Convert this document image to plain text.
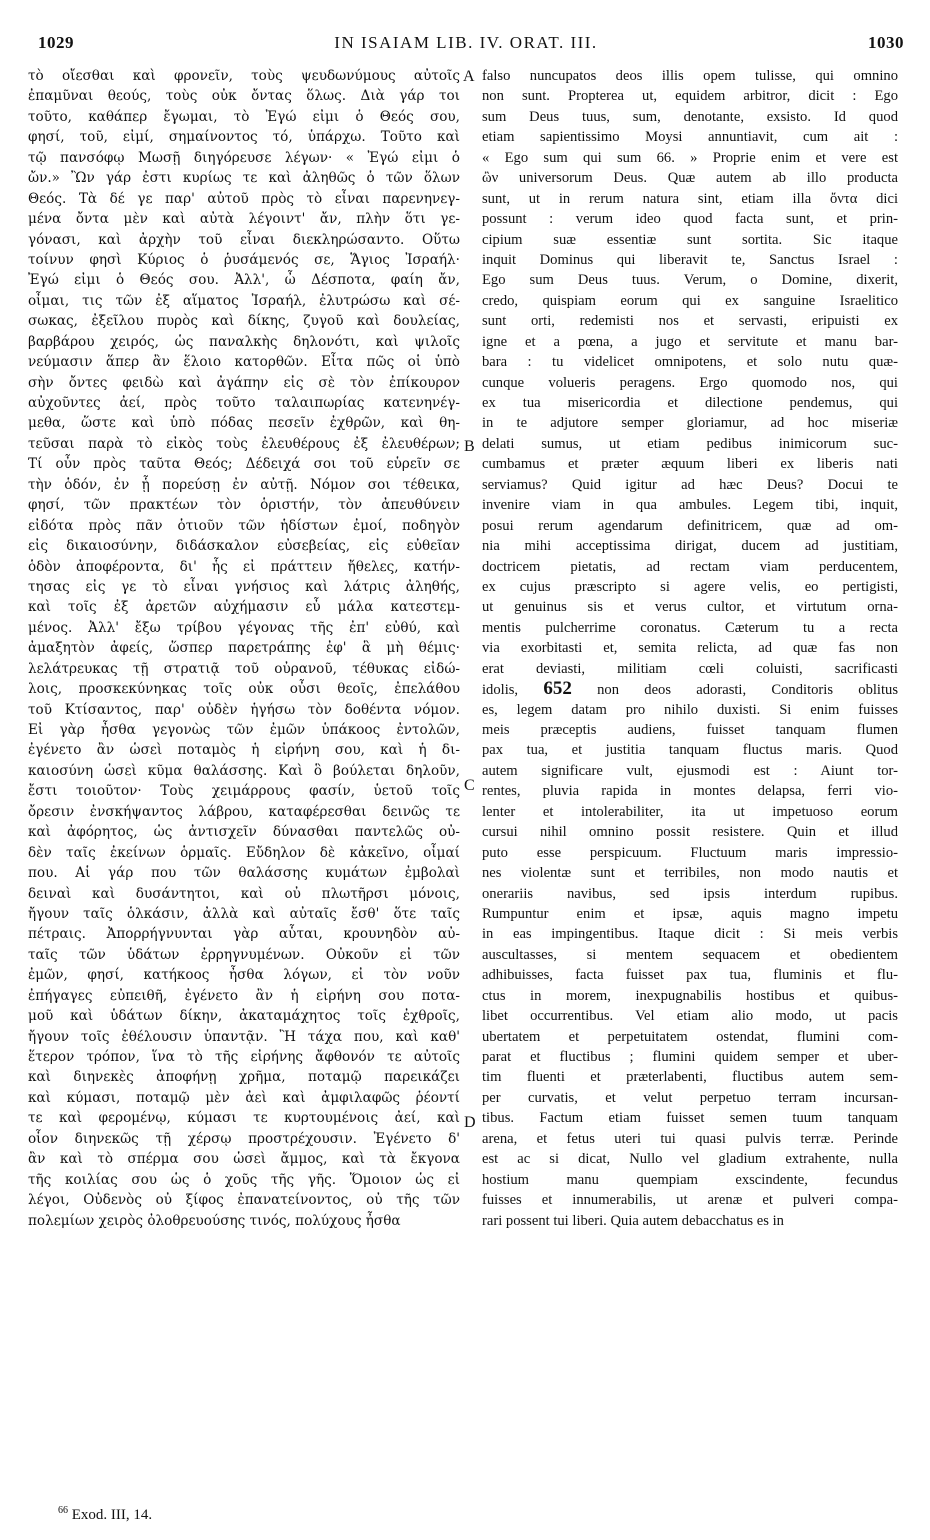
1029	IN ISAIAM LIB. IV. ORAT. III.	1030
τὸ οἴεσθαι καὶ φρονεῖν, τοὺς ψευδωνύμους αὐτοῖς
ἐπαμῦναι θεούς, τοὺς οὐκ ὄντας ὅλως. Διὰ γάρ τοι
τοῦτο, καθάπερ ἔγωμαι, τὸ Ἐγώ εἰμι ὁ Θεός σου,
φησί, τοῦ, εἰμί, σημαίνοντος τό, ὑπάρχω. Τοῦτο καὶ
τῷ πανσόφῳ Μωσῇ διηγόρευσε λέγων· « Ἐγώ εἰμι ὁ
ὤν.» Ὢν γάρ ἐστι κυρίως τε καὶ ἀληθῶς ὁ τῶν ὅλων
Θεός. Τὰ δέ γε παρ' αὐτοῦ πρὸς τὸ εἶναι παρενηνεγ-
μένα ὄντα μὲν καὶ αὐτὰ λέγοιντ' ἄν, πλὴν ὅτι γε-
γόνασι, καὶ ἀρχὴν τοῦ εἶναι διεκληρώσαντο. Οὕτω
τοίνυν φησὶ Κύριος ὁ ῥυσάμενός σε, Ἅγιος Ἰσραήλ·
Ἐγώ εἰμι ὁ Θεός σου. Ἀλλ', ὦ Δέσποτα, φαίη ἄν,
οἶμαι, τις τῶν ἐξ αἵματος Ἰσραήλ, ἐλυτρώσω καὶ σέ-
σωκας, ἐξεῖλου πυρὸς καὶ δίκης, ζυγοῦ καὶ δουλείας,
βαρβάρου χειρός, ὡς παναλκὴς δηλονότι, καὶ ψιλοῖς
νεύμασιν ἅπερ ἂν ἕλοιο κατορθῶν. Εἶτα πῶς οἱ ὑπὸ
σὴν ὄντες φειδὼ καὶ ἀγάπην εἰς σὲ τὸν ἐπίκουρον
αὐχοῦντες ἀεί, πρὸς τοῦτο ταλαιπωρίας κατενηνέγ-
μεθα, ὥστε καὶ ὑπὸ πόδας πεσεῖν ἐχθρῶν, καὶ θη-
τεῦσαι παρὰ τὸ εἰκὸς τοὺς ἐλευθέρους ἐξ ἐλευθέρων;
Τί οὖν πρὸς ταῦτα Θεός; Δέδειχά σοι τοῦ εὑρεῖν σε
τὴν ὁδόν, ἐν ᾗ πορεύσῃ ἐν αὐτῇ. Νόμον σοι τέθεικα,
φησί, τῶν πρακτέων τὸν ὁριστήν, τὸν ἀπευθύνειν
εἰδότα πρὸς πᾶν ὁτιοῦν τῶν ἡδίστων ἐμοί, ποδηγὸν
εἰς δικαιοσύνην, διδάσκαλον εὐσεβείας, εἰς εὐθεῖαν
ὁδὸν ἀποφέροντα, δι' ἧς εἰ πράττειν ἤθελες, κατήν-
τησας εἰς γε τὸ εἶναι γνήσιος καὶ λάτρις ἀληθής,
καὶ τοῖς ἐξ ἀρετῶν αὐχήμασιν εὖ μάλα κατεστεμ-
μένος. Ἀλλ' ἔξω τρίβου γέγονας τῆς ἐπ' εὐθύ, καὶ
ἀμαξητὸν ἀφείς, ὥσπερ παρετράπης ἐφ' ἃ μὴ θέμις·
λελάτρευκας τῇ στρατιᾷ τοῦ οὐρανοῦ, τέθυκας εἰδώ-
λοις, προσκεκύνηκας τοῖς οὐκ οὖσι θεοῖς, ἐπελάθου
τοῦ Κτίσαντος, παρ' οὐδὲν ἡγήσω τὸν δοθέντα νόμον.
Εἰ γὰρ ἦσθα γεγονὼς τῶν ἐμῶν ὑπάκοος ἐντολῶν,
ἐγένετο ἂν ὡσεὶ ποταμὸς ἡ εἰρήνη σου, καὶ ἡ δι-
καιοσύνη ὡσεὶ κῦμα θαλάσσης. Καὶ ὃ βούλεται δηλοῦν,
ἔστι τοιοῦτον· Τοὺς χειμάρρους φασίν, ὑετοῦ τοῖς
ὄρεσιν ἐνσκήψαντος λάβρου, καταφέρεσθαι δεινῶς τε
καὶ ἀφόρητος, ὡς ἀντισχεῖν δύνασθαι παντελῶς οὐ-
δὲν ταῖς ἐκείνων ὁρμαῖς. Εὔδηλον δὲ κἀκεῖνο, οἶμαί
που. Αἱ γάρ που τῶν θαλάσσης κυμάτων ἐμβολαὶ
δειναὶ καὶ δυσάντητοι, καὶ οὐ πλωτῆρσι μόνοις,
ἤγουν ταῖς ὁλκάσιν, ἀλλὰ καὶ αὐταῖς ἔσθ' ὅτε ταῖς
πέτραις. Ἀπορρήγνυνται γὰρ αὗται, κρουνηδὸν αὐ-
ταῖς τῶν ὑδάτων ἐρρηγνυμένων. Οὐκοῦν εἰ τῶν
ἐμῶν, φησί, κατήκοος ἦσθα λόγων, εἰ τὸν νοῦν
ἐπήγαγες εὐπειθῆ, ἐγένετο ἂν ἡ εἰρήνη σου ποτα-
μοῦ καὶ ὑδάτων δίκην, ἀκαταμάχητος τοῖς ἐχθροῖς,
ἤγουν τοῖς ἐθέλουσιν ὑπαντᾷν. Ἢ τάχα που, καὶ καθ'
ἕτερον τρόπον, ἵνα τὸ τῆς εἰρήνης ἄφθονόν τε αὐτοῖς
καὶ διηνεκὲς ἀποφήνῃ χρῆμα, ποταμῷ παρεικάζει
καὶ κύμασι, ποταμῷ μὲν ἀεὶ καὶ ἀμφιλαφῶς ῥέοντί
τε καὶ φερομένῳ, κύμασι τε κυρτουμένοις ἀεί, καὶ
οἷον διηνεκῶς τῇ χέρσῳ προστρέχουσιν. Ἐγένετο δ'
ἂν καὶ τὸ σπέρμα σου ὡσεὶ ἄμμος, καὶ τὰ ἔκγονα
τῆς κοιλίας σου ὡς ὁ χοῦς τῆς γῆς. Ὅμοιον ὡς εἰ
λέγοι, Οὐδενὸς οὐ ξίφος ἐπανατείνοντος, οὐ τῆς τῶν
πολεμίων χειρὸς ὀλοθρευούσης τινός, πολύχους ἦσθα
falso nuncupatos deos illis opem tulisse, qui omnino
non sunt. Propterea ut, equidem arbitror, dicit : Ego
sum Deus tuus, sum, denotante, exsisto. Id quod
etiam sapientissimo Moysi annuntiavit, cum ait :
« Ego sum qui sum 66. » Proprie enim et vere est
ὢν universorum Deus. Quæ autem ab illo producta
sunt, ut in rerum natura sint, etiam illa ὄντα dici
possunt : verum ideo quod facta sunt, et prin-
cipium suæ essentiæ sunt sortita. Sic itaque
inquit Dominus qui liberavit te, Sanctus Israel :
Ego sum Deus tuus. Verum, o Domine, dixerit,
credo, quispiam eorum qui ex sanguine Israelitico
sunt orti, redemisti nos et servasti, eripuisti ex
igne et a pœna, a jugo et servitute et manu bar-
bara : tu videlicet omnipotens, et solo nutu quæ-
cunque volueris peragens. Ergo quomodo nos, qui
ex tua misericordia et dilectione pendemus, qui
in te adjutore semper gloriamur, ad hoc miseriæ
delati sumus, ut etiam pedibus inimicorum suc-
cumbamus et præter æquum liberi ex liberis nati
serviamus? Quid igitur ad hæc Deus? Docui te
invenire viam in qua ambules. Legem tibi, inquit,
posui rerum agendarum definitricem, quæ ad om-
nia mihi acceptissima dirigat, ducem ad justitiam,
doctricem pietatis, ad rectam viam perducentem,
ex cujus præscripto si agere velis, eo pertigisti,
ut genuinus sis et verus cultor, et virtutum orna-
mentis pulcherrime coronatus. Cæterum tu a recta
via exorbitasti et, semita relicta, ad quæ fas non
erat deviasti, militiam cœli coluisti, sacrificasti
idolis, 652 non deos adorasti, Conditoris oblitus
es, legem datam pro nihilo duxisti. Si enim fuisses
meis præceptis audiens, fuisset tanquam flumen
pax tua, et justitia tanquam fluctus maris. Quod
autem significare vult, ejusmodi est : Aiunt tor-
rentes, pluvia rapida in montes delapsa, ferri vio-
lenter et intolerabiliter, ita ut impetuoso eorum
cursui nihil omnino possit resistere. Quin et illud
puto esse perspicuum. Fluctuum maris impressio-
nes violentæ sunt et terribiles, non modo nautis et
onerariis navibus, sed ipsis interdum rupibus.
Rumpuntur enim et ipsæ, aquis magno impetu
in eas impingentibus. Itaque dicit : Si meis verbis
auscultasses, si mentem sequacem et obedientem
adhibuisses, facta fuisset pax tua, fluminis et flu-
ctus in morem, inexpugnabilis hostibus et quibus-
libet occurrentibus. Vel etiam alio modo, ut pacis
ubertatem et perpetuitatem ostendat, flumini com-
parat et fluctibus ; flumini quidem semper et uber-
tim fluenti et præterlabenti, fluctibus autem sem-
per curvatis, et velut perpetuo terram incursan-
tibus. Factum etiam fuisset semen tuum tanquam
arena, et fetus uteri tui quasi pulvis terræ. Perinde
est ac si dicat, Nullo vel gladium extrahente, nulla
hostium manu quempiam exscindente, fecundus
fuisses et innumerabilis, ut arenæ et pulveri compa-
rari possent tui liberi. Quia autem debacchatus es in
A
B
C
D
$^{66}$ Exod. III, 14.
